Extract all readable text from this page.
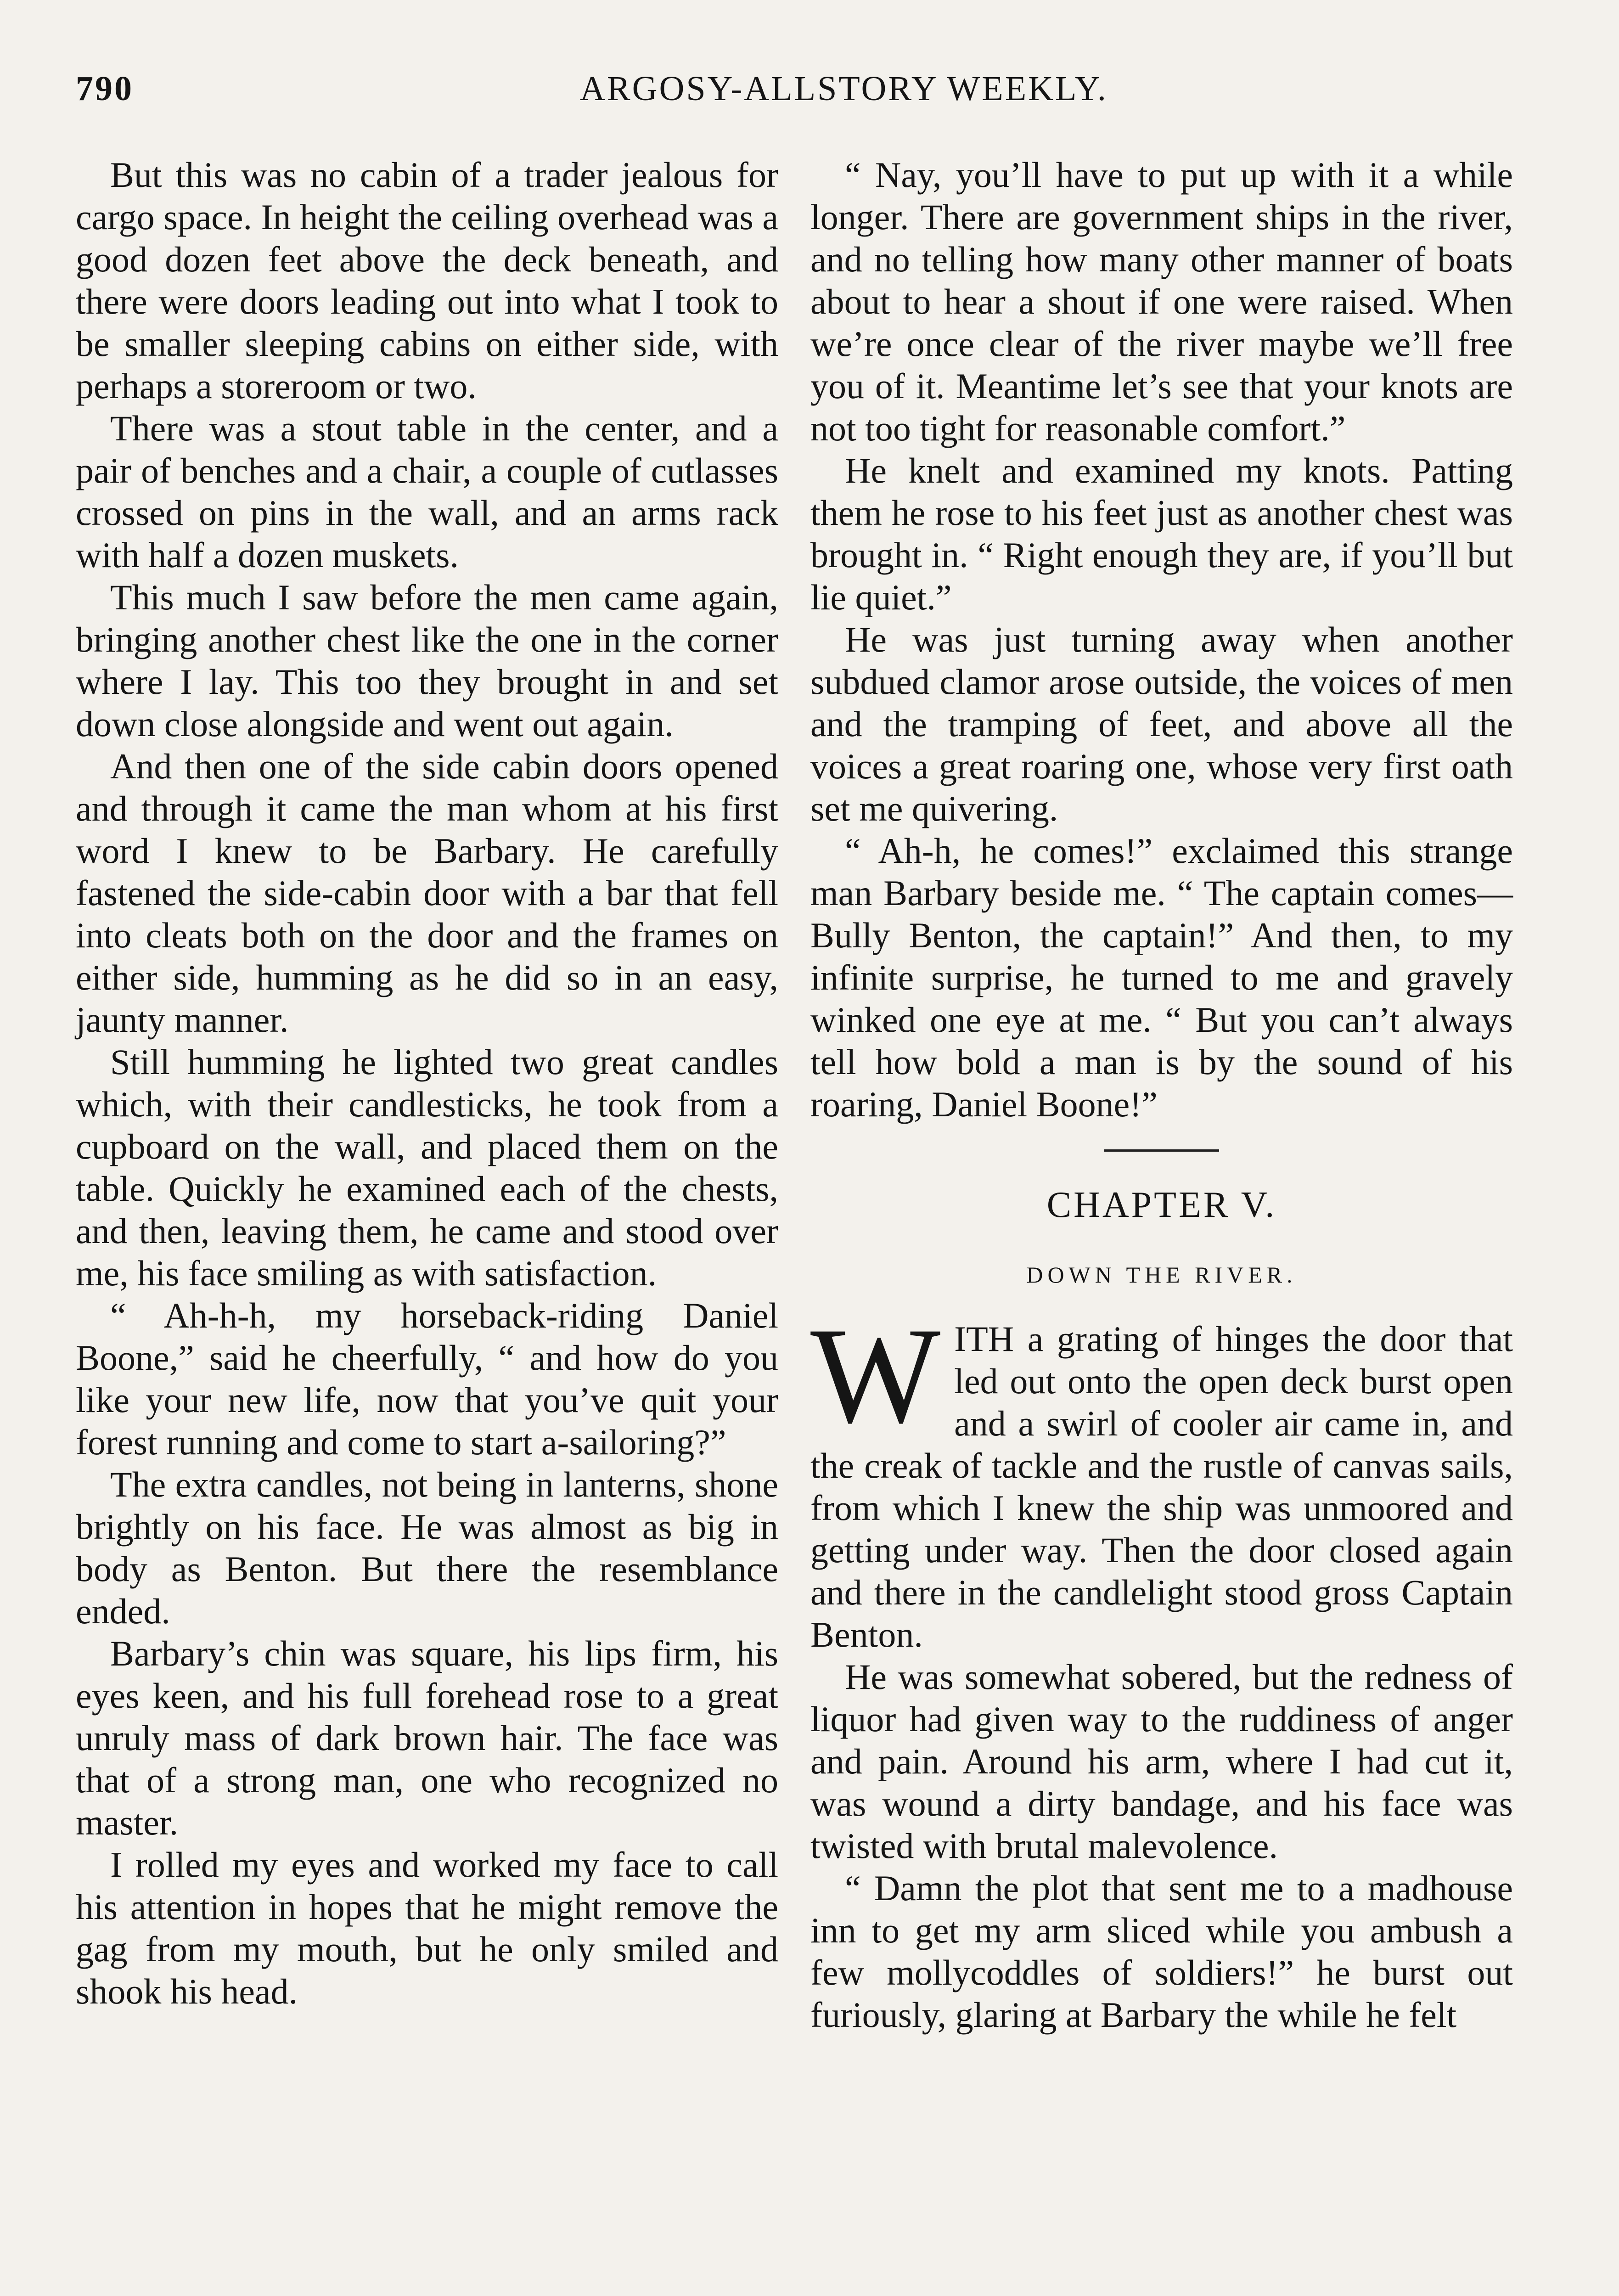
790	ARGOSY-ALLSTORY WEEKLY.

But this was no cabin of a trader jealous for cargo space. In height the ceiling overhead was a good dozen feet above the deck beneath, and there were doors leading out into what I took to be smaller sleeping cabins on either side, with perhaps a storeroom or two.

There was a stout table in the center, and a pair of benches and a chair, a couple of cutlasses crossed on pins in the wall, and an arms rack with half a dozen muskets.

This much I saw before the men came again, bringing another chest like the one in the corner where I lay. This too they brought in and set down close alongside and went out again.

And then one of the side cabin doors opened and through it came the man whom at his first word I knew to be Barbary. He carefully fastened the side-cabin door with a bar that fell into cleats both on the door and the frames on either side, humming as he did so in an easy, jaunty manner.

Still humming he lighted two great candles which, with their candlesticks, he took from a cupboard on the wall, and placed them on the table. Quickly he examined each of the chests, and then, leaving them, he came and stood over me, his face smiling as with satisfaction.

“ Ah-h-h, my horseback-riding Daniel Boone,” said he cheerfully, “ and how do you like your new life, now that you’ve quit your forest running and come to start a-sailoring?”

The extra candles, not being in lanterns, shone brightly on his face. He was almost as big in body as Benton. But there the resemblance ended.

Barbary’s chin was square, his lips firm, his eyes keen, and his full forehead rose to a great unruly mass of dark brown hair. The face was that of a strong man, one who recognized no master.

I rolled my eyes and worked my face to call his attention in hopes that he might remove the gag from my mouth, but he only smiled and shook his head.

“ Nay, you’ll have to put up with it a while longer. There are government ships in the river, and no telling how many other manner of boats about to hear a shout if one were raised. When we’re once clear of the river maybe we’ll free you of it. Meantime let’s see that your knots are not too tight for reasonable comfort.”

He knelt and examined my knots. Patting them he rose to his feet just as another chest was brought in. “ Right enough they are, if you’ll but lie quiet.”

He was just turning away when another subdued clamor arose outside, the voices of men and the tramping of feet, and above all the voices a great roaring one, whose very first oath set me quivering.

“ Ah-h, he comes!” exclaimed this strange man Barbary beside me. “ The captain comes—Bully Benton, the captain!” And then, to my infinite surprise, he turned to me and gravely winked one eye at me. “ But you can’t always tell how bold a man is by the sound of his roaring, Daniel Boone!”

CHAPTER V.
DOWN THE RIVER.

WITH a grating of hinges the door that led out onto the open deck burst open and a swirl of cooler air came in, and the creak of tackle and the rustle of canvas sails, from which I knew the ship was unmoored and getting under way. Then the door closed again and there in the candlelight stood gross Captain Benton.

He was somewhat sobered, but the redness of liquor had given way to the ruddiness of anger and pain. Around his arm, where I had cut it, was wound a dirty bandage, and his face was twisted with brutal malevolence.

“ Damn the plot that sent me to a madhouse inn to get my arm sliced while you ambush a few mollycoddles of soldiers!” he burst out furiously, glaring at Barbary the while he felt
